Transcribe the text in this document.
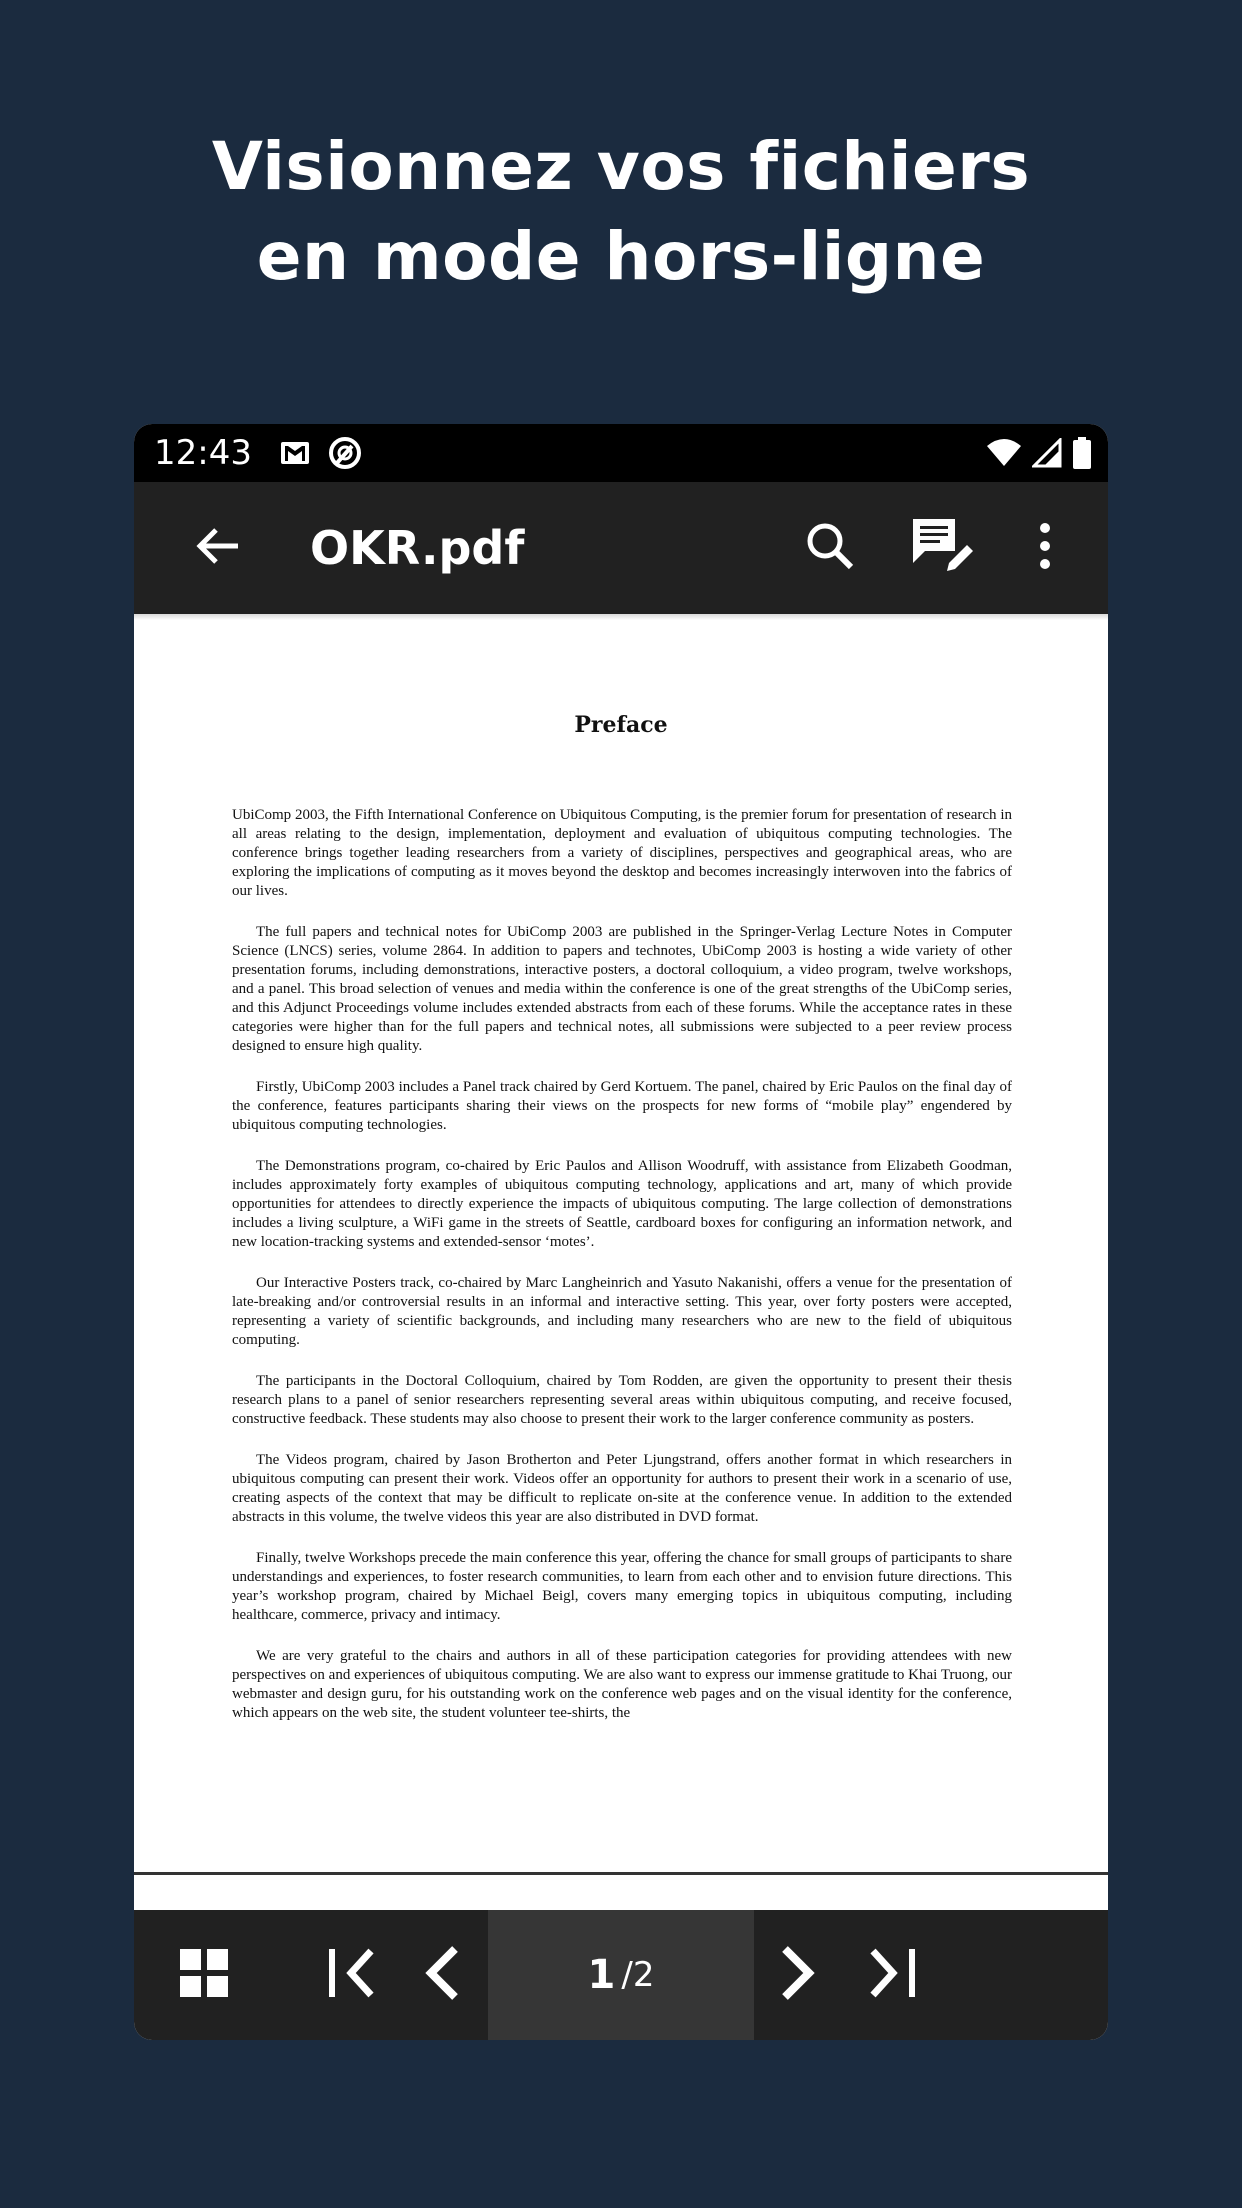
Visionnez vos fichiers
en mode hors-ligne
12:43
OKR.pdf
Preface

UbiComp 2003, the Fifth International Conference on Ubiquitous Computing, is the premier forum for presentation of research in all areas relating to the design, implementation, deployment and evaluation of ubiquitous computing technologies. The conference brings together leading researchers from a variety of disciplines, perspectives and geographical areas, who are exploring the implications of computing as it moves beyond the desktop and becomes increasingly interwoven into the fabrics of our lives.

The full papers and technical notes for UbiComp 2003 are published in the Springer-Verlag Lecture Notes in Computer Science (LNCS) series, volume 2864. In addition to papers and technotes, UbiComp 2003 is hosting a wide variety of other presentation forums, including demonstrations, interactive posters, a doctoral colloquium, a video program, twelve workshops, and a panel. This broad selection of venues and media within the conference is one of the great strengths of the UbiComp series, and this Adjunct Proceedings volume includes extended abstracts from each of these forums. While the acceptance rates in these categories were higher than for the full papers and technical notes, all submissions were subjected to a peer review process designed to ensure high quality.

Firstly, UbiComp 2003 includes a Panel track chaired by Gerd Kortuem. The panel, chaired by Eric Paulos on the final day of the conference, features participants sharing their views on the prospects for new forms of “mobile play” engendered by ubiquitous computing technologies.

The Demonstrations program, co-chaired by Eric Paulos and Allison Woodruff, with assistance from Elizabeth Goodman, includes approximately forty examples of ubiquitous computing technology, applications and art, many of which provide opportunities for attendees to directly experience the impacts of ubiquitous computing. The large collection of demonstrations includes a living sculpture, a WiFi game in the streets of Seattle, cardboard boxes for configuring an information network, and new location-tracking systems and extended-sensor ‘motes’.

Our Interactive Posters track, co-chaired by Marc Langheinrich and Yasuto Nakanishi, offers a venue for the presentation of late-breaking and/or controversial results in an informal and interactive setting. This year, over forty posters were accepted, representing a variety of scientific backgrounds, and including many researchers who are new to the field of ubiquitous computing.

The participants in the Doctoral Colloquium, chaired by Tom Rodden, are given the opportunity to present their thesis research plans to a panel of senior researchers representing several areas within ubiquitous computing, and receive focused, constructive feedback. These students may also choose to present their work to the larger conference community as posters.

The Videos program, chaired by Jason Brotherton and Peter Ljungstrand, offers another format in which researchers in ubiquitous computing can present their work. Videos offer an opportunity for authors to present their work in a scenario of use, creating aspects of the context that may be difficult to replicate on-site at the conference venue. In addition to the extended abstracts in this volume, the twelve videos this year are also distributed in DVD format.

Finally, twelve Workshops precede the main conference this year, offering the chance for small groups of participants to share understandings and experiences, to foster research communities, to learn from each other and to envision future directions. This year’s workshop program, chaired by Michael Beigl, covers many emerging topics in ubiquitous computing, including healthcare, commerce, privacy and intimacy.

We are very grateful to the chairs and authors in all of these participation categories for providing attendees with new perspectives on and experiences of ubiquitous computing. We are also want to express our immense gratitude to Khai Truong, our webmaster and design guru, for his outstanding work on the conference web pages and on the visual identity for the conference, which appears on the web site, the student volunteer tee-shirts, the

1 /2
